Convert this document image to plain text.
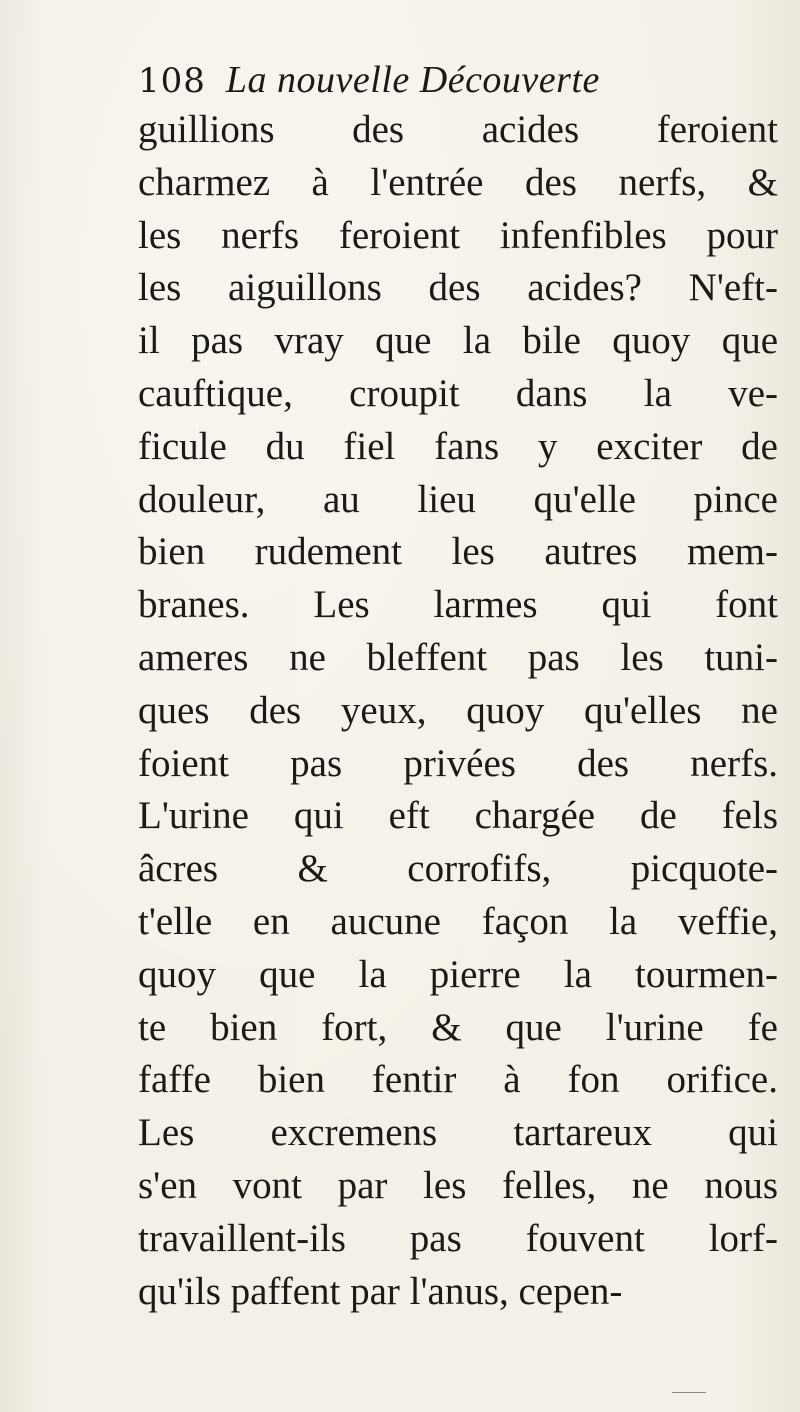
108 La nouvelle Découverte
guillions des acides feroient
charmez à l'entrée des nerfs, &
les nerfs feroient infenfibles pour
les aiguillons des acides? N'eft-
il pas vray que la bile quoy que
cauftique, croupit dans la ve-
ficule du fiel fans y exciter de
douleur, au lieu qu'elle pince
bien rudement les autres mem-
branes. Les larmes qui font
ameres ne bleffent pas les tuni-
ques des yeux, quoy qu'elles ne
foient pas privées des nerfs.
L'urine qui eft chargée de fels
âcres & corrofifs, picquote-
t'elle en aucune façon la veffie,
quoy que la pierre la tourmen-
te bien fort, & que l'urine fe
faffe bien fentir à fon orifice.
Les excremens tartareux qui
s'en vont par les felles, ne nous
travaillent-ils pas fouvent lorf-
qu'ils paffent par l'anus, cepen-
